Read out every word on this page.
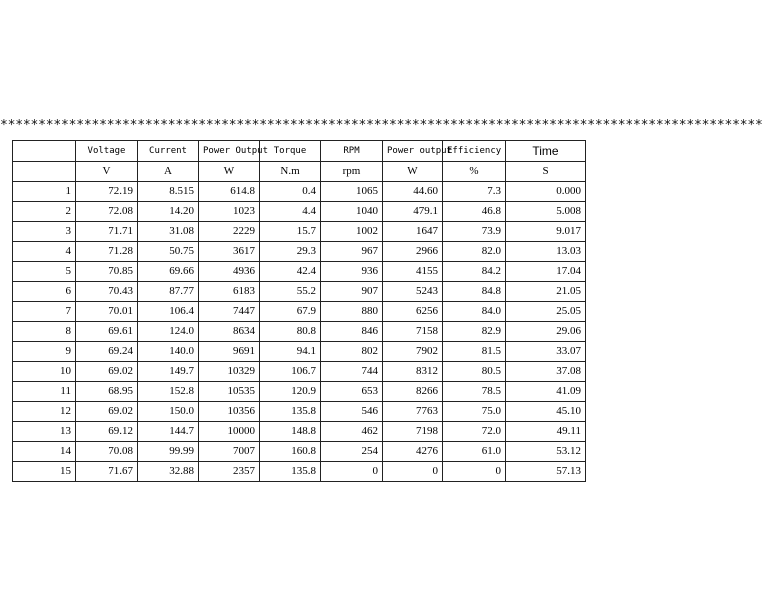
****************************************************************************************************
	Voltage	Current	Power Output	Torque	RPM	Power output	Efficiency	Time
	V	A	W	N.m	rpm	W	%	S
1	72.19	8.515	614.8	0.4	1065	44.60	7.3	0.000
2	72.08	14.20	1023	4.4	1040	479.1	46.8	5.008
3	71.71	31.08	2229	15.7	1002	1647	73.9	9.017
4	71.28	50.75	3617	29.3	967	2966	82.0	13.03
5	70.85	69.66	4936	42.4	936	4155	84.2	17.04
6	70.43	87.77	6183	55.2	907	5243	84.8	21.05
7	70.01	106.4	7447	67.9	880	6256	84.0	25.05
8	69.61	124.0	8634	80.8	846	7158	82.9	29.06
9	69.24	140.0	9691	94.1	802	7902	81.5	33.07
10	69.02	149.7	10329	106.7	744	8312	80.5	37.08
11	68.95	152.8	10535	120.9	653	8266	78.5	41.09
12	69.02	150.0	10356	135.8	546	7763	75.0	45.10
13	69.12	144.7	10000	148.8	462	7198	72.0	49.11
14	70.08	99.99	7007	160.8	254	4276	61.0	53.12
15	71.67	32.88	2357	135.8	0	0	0	57.13
